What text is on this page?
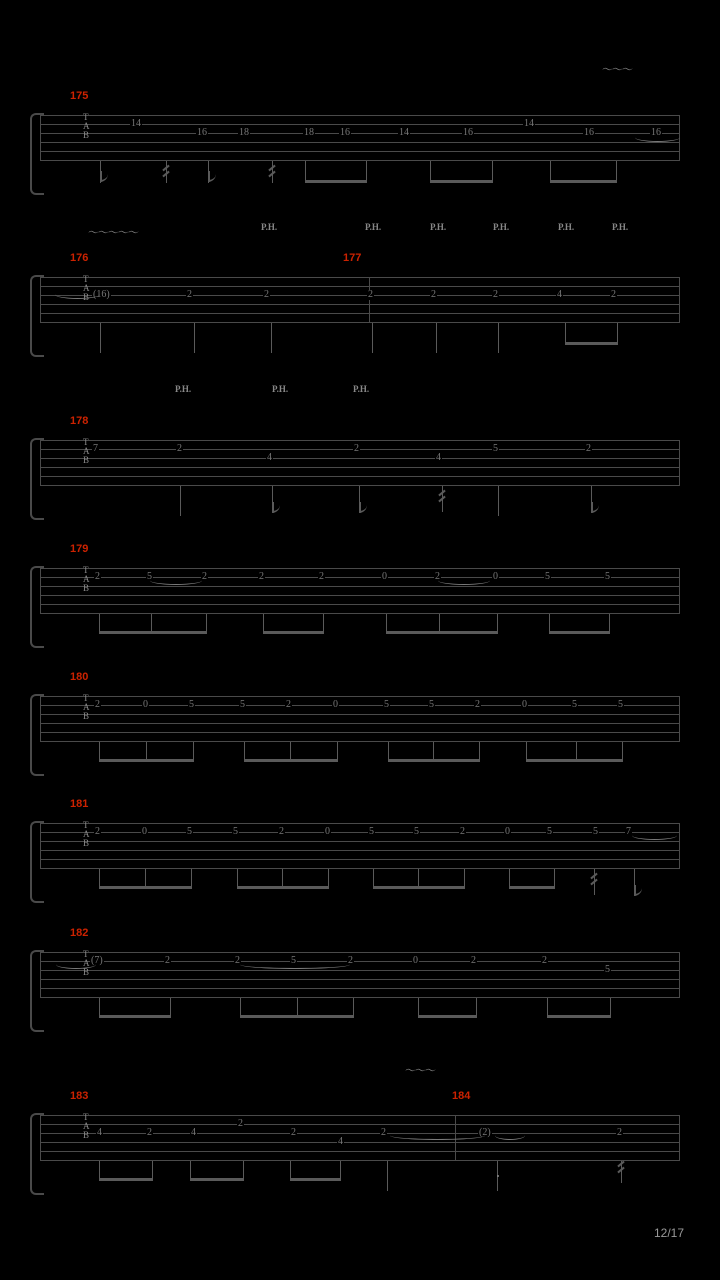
175
〜〜〜
T
A
B
14
16	18	18	16	14	16
14
16	16
176	177
〜〜〜〜〜	P.H.	P.H.	P.H.	P.H.	P.H.	P.H.
T
A
B (16)	2	2	2	2	2	4	2
178
P.H.	P.H.	P.H.
T
A
B
7	2
4
2
4
5	2
179
T
A
B
2	5	2	2	2	0	2	0	5	5
180
T
A
B
2	0	5	5	2	0	5	5	2	0	5	5
181
T
A
B
2	0	5	5	2	0	5	5	2	0	5	5	7
182
T
A
B
(7)	2	2	5	2	0	2	2
5
183	184
〜〜〜
T
A
B 4	2	4
2
2
4
2	(2)	2
12/17
